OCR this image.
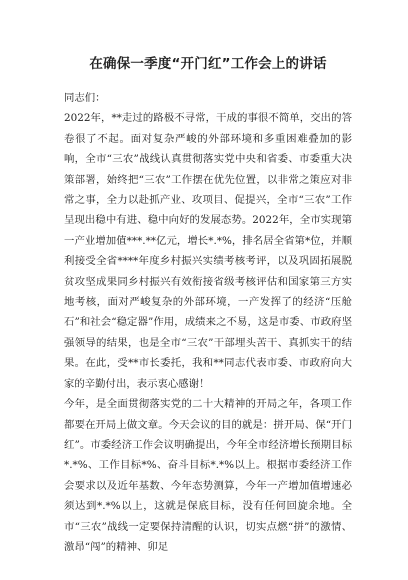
在确保一季度“开门红”工作会上的讲话

同志们：

2022年，**走过的路极不寻常，干成的事很不简单，交出的答卷很了不起。面对复杂严峻的外部环境和多重困难叠加的影响，全市“三农”战线认真贯彻落实党中央和省委、市委重大决策部署，始终把“三农”工作摆在优先位置，以非常之策应对非常之事，全力以赴抓产业、攻项目、促提兴，全市“三农”工作呈现出稳中有进、稳中向好的发展态势。2022年，全市实现第一产业增加值***.**亿元，增长*.*%，排名居全省第*位，并顺利接受全省****年度乡村振兴实绩考核考评，以及巩固拓展脱贫攻坚成果同乡村振兴有效衔接省级考核评估和国家第三方实地考核，面对严峻复杂的外部环境，一产发挥了的经济“压舱石”和社会“稳定器”作用，成绩来之不易，这是市委、市政府坚强领导的结果，也是全市“三农”干部埋头苦干、真抓实干的结果。在此，受**市长委托，我和**同志代表市委、市政府向大家的辛勤付出，表示衷心感谢！

今年，是全面贯彻落实党的二十大精神的开局之年，各项工作都要在开局上做文章。今天会议的目的就是：拼开局、保“开门红”。市委经济工作会议明确提出，今年全市经济增长预期目标*.*%、工作目标*%、奋斗目标*.*%以上。根据市委经济工作会要求以及近年基数、今年态势测算，今年一产增加值增速必须达到*.*%以上，这就是保底目标，没有任何回旋余地。全市“三农”战线一定要保持清醒的认识，切实点燃“拼”的激情、激昂“闯”的精神、卯足
